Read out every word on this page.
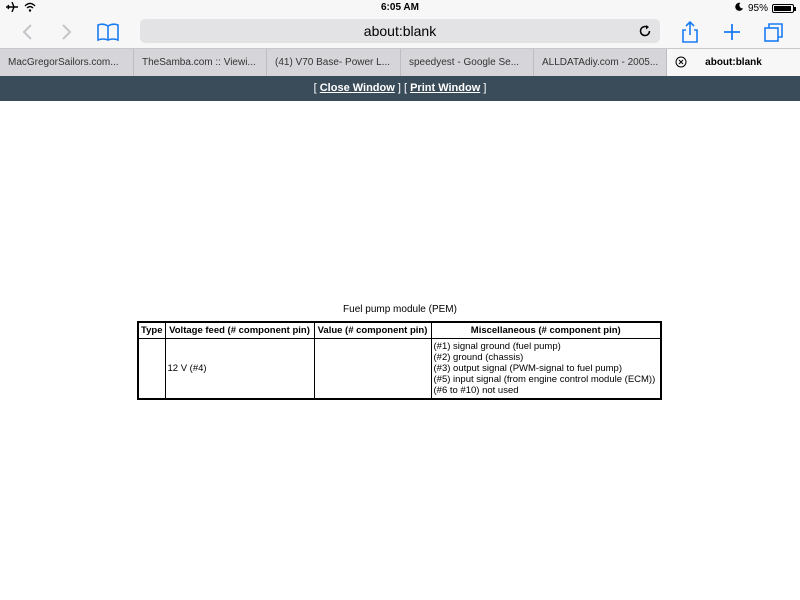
6:05 AM	95%
about:blank
MacGregorSailors.com...	TheSamba.com :: Viewi...	(41) V70 Base- Power L...	speedyest - Google Se...	ALLDATAdiy.com - 2005...	about:blank
[ Close Window ] [ Print Window ]
Fuel pump module (PEM)
Type	Voltage feed (# component pin)	Value (# component pin)	Miscellaneous (# component pin)
	12 V (#4)		(#1) signal ground (fuel pump)
(#2) ground (chassis)
(#3) output signal (PWM-signal to fuel pump)
(#5) input signal (from engine control module (ECM))
(#6 to #10) not used
